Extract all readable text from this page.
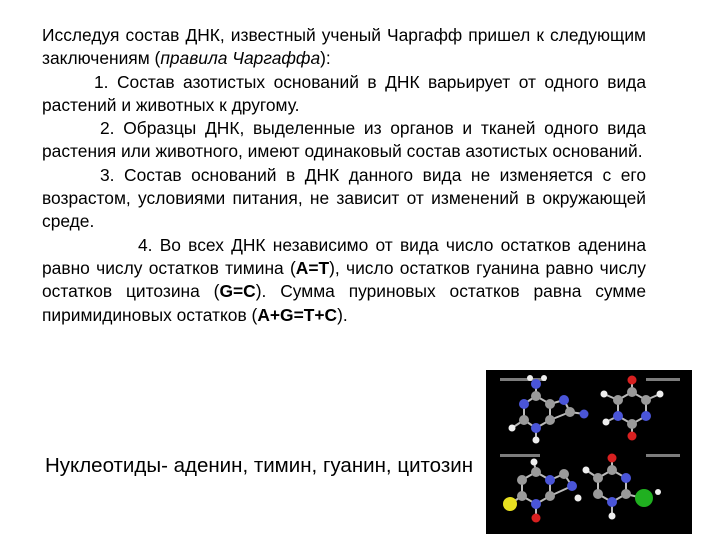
Исследуя состав ДНК, известный ученый Чаргафф пришел к следующим заключениям (правила Чаргаффа):

1. Состав азотистых оснований в ДНК варьирует от одного вида растений и животных к другому.

2. Образцы ДНК, выделенные из органов и тканей одного вида растения или животного, имеют одинаковый состав азотистых оснований.

3. Состав оснований в ДНК данного вида не изменяется с его возрастом, условиями питания, не зависит от изменений в окружающей среде.

4. Во всех ДНК независимо от вида число остатков аденина равно числу остатков тимина (А=Т), число остатков гуанина равно числу остатков цитозина (G=C). Сумма пуриновых остатков равна сумме пиримидиновых остатков (A+G=T+C).

Нуклеотиды- аденин, тимин, гуанин, цитозин
